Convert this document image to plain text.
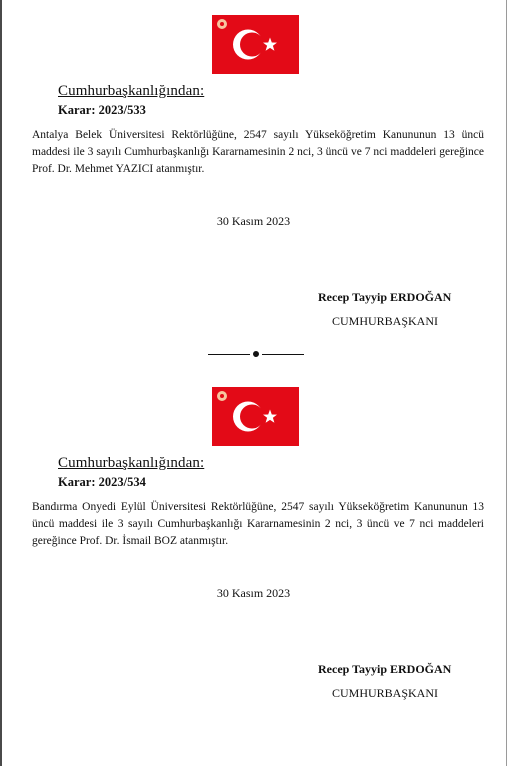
Cumhurbaşkanlığından:
Karar: 2023/533
Antalya Belek Üniversitesi Rektörlüğüne, 2547 sayılı Yükseköğretim Kanununun 13 üncü maddesi ile 3 sayılı Cumhurbaşkanlığı Kararnamesinin 2 nci, 3 üncü ve 7 nci maddeleri gereğince Prof. Dr. Mehmet YAZICI atanmıştır.
30 Kasım 2023
Recep Tayyip ERDOĞAN
CUMHURBAŞKANI
Cumhurbaşkanlığından:
Karar: 2023/534
Bandırma Onyedi Eylül Üniversitesi Rektörlüğüne, 2547 sayılı Yükseköğretim Kanununun 13 üncü maddesi ile 3 sayılı Cumhurbaşkanlığı Kararnamesinin 2 nci, 3 üncü ve 7 nci maddeleri gereğince Prof. Dr. İsmail BOZ atanmıştır.
30 Kasım 2023
Recep Tayyip ERDOĞAN
CUMHURBAŞKANI
